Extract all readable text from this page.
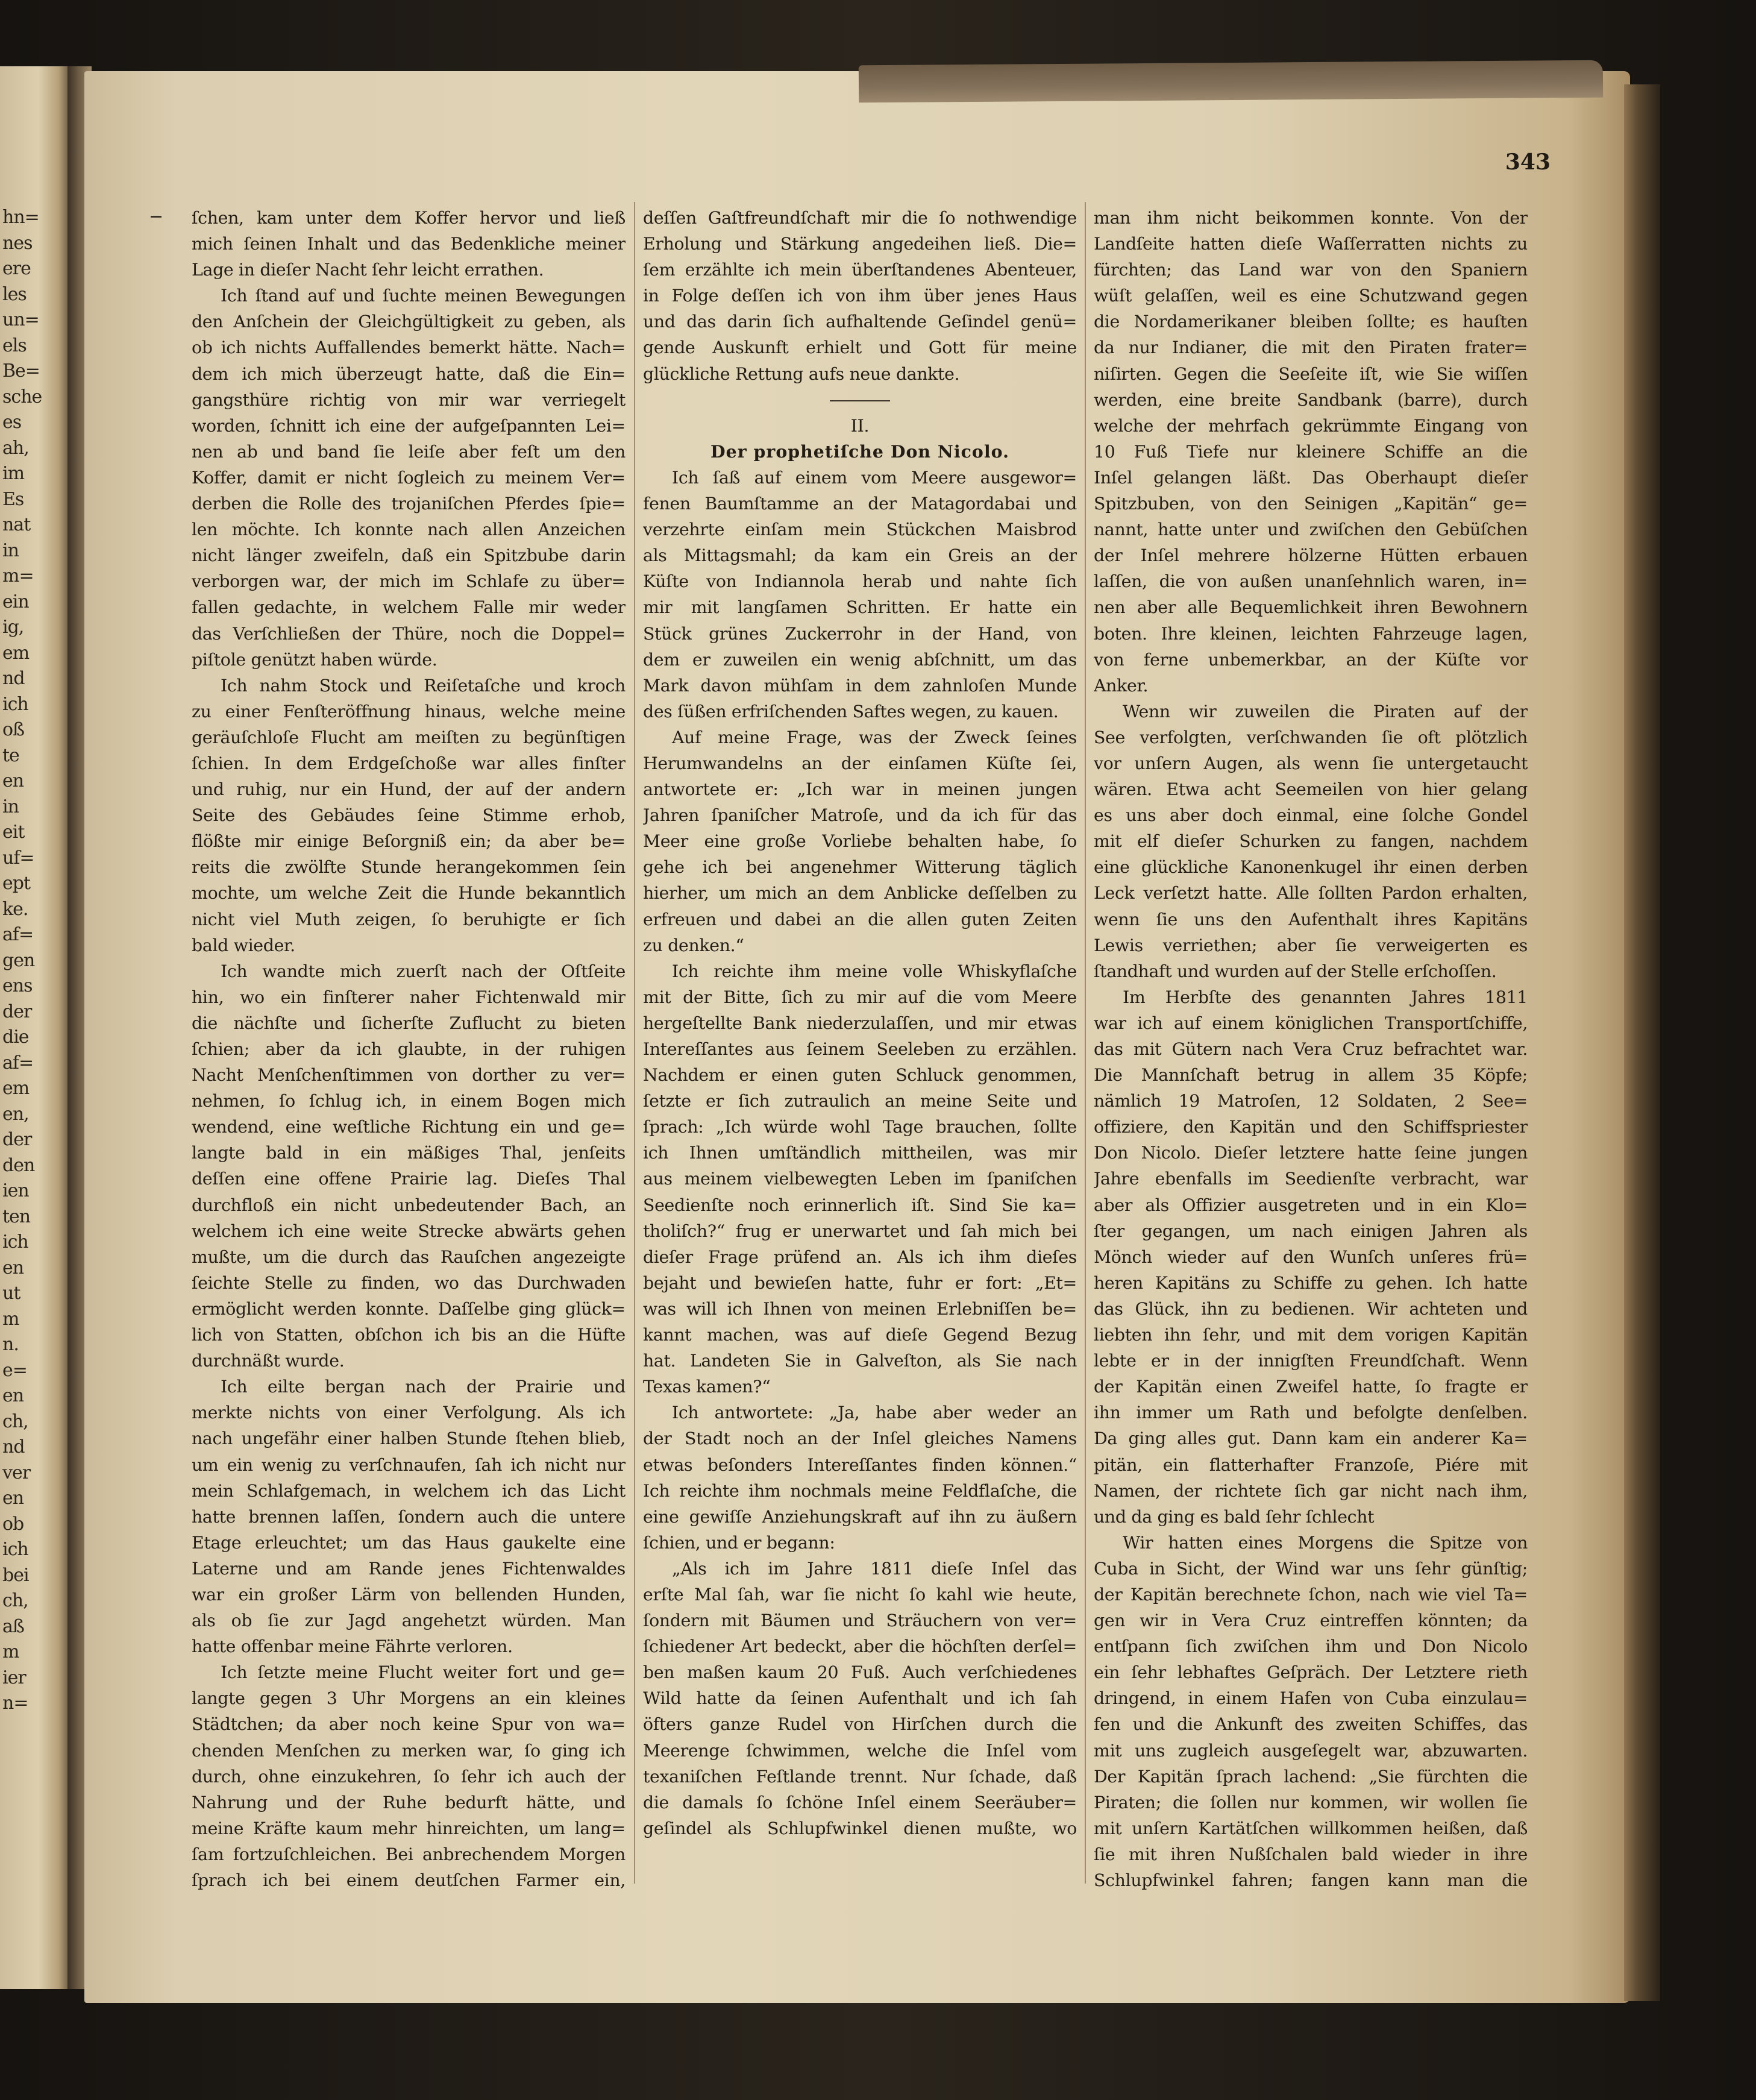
hn=
nes
ere
les
un=
els
Be=
sche
es
ah,
im
Es
nat
in
m=
ein
ig,
em
nd
ich
oß
te
en
in
eit
uf=
ept
ke.
af=
gen
ens
der
die
af=
em
en,
der
den
ien
ten
ich
en
ut
m
n.
e=
en
ch,
nd
ver
en
ob
ich
bei
ch,
aß
m
ier
n=
343
ſchen, kam unter dem Koffer hervor und ließ
mich ſeinen Inhalt und das Bedenkliche meiner
Lage in dieſer Nacht ſehr leicht errathen.
Ich ſtand auf und ſuchte meinen Bewegungen
den Anſchein der Gleichgültigkeit zu geben, als
ob ich nichts Auffallendes bemerkt hätte. Nach=
dem ich mich überzeugt hatte, daß die Ein=
gangsthüre richtig von mir war verriegelt
worden, ſchnitt ich eine der aufgeſpannten Lei=
nen ab und band ſie leiſe aber feſt um den
Koffer, damit er nicht ſogleich zu meinem Ver=
derben die Rolle des trojaniſchen Pferdes ſpie=
len möchte. Ich konnte nach allen Anzeichen
nicht länger zweifeln, daß ein Spitzbube darin
verborgen war, der mich im Schlafe zu über=
fallen gedachte, in welchem Falle mir weder
das Verſchließen der Thüre, noch die Doppel=
piſtole genützt haben würde.
Ich nahm Stock und Reiſetaſche und kroch
zu einer Fenſteröffnung hinaus, welche meine
geräuſchloſe Flucht am meiſten zu begünſtigen
ſchien. In dem Erdgeſchoße war alles finſter
und ruhig, nur ein Hund, der auf der andern
Seite des Gebäudes ſeine Stimme erhob,
flößte mir einige Beſorgniß ein; da aber be=
reits die zwölfte Stunde herangekommen ſein
mochte, um welche Zeit die Hunde bekanntlich
nicht viel Muth zeigen, ſo beruhigte er ſich
bald wieder.
Ich wandte mich zuerſt nach der Oſtſeite
hin, wo ein finſterer naher Fichtenwald mir
die nächſte und ſicherſte Zuflucht zu bieten
ſchien; aber da ich glaubte, in der ruhigen
Nacht Menſchenſtimmen von dorther zu ver=
nehmen, ſo ſchlug ich, in einem Bogen mich
wendend, eine weſtliche Richtung ein und ge=
langte bald in ein mäßiges Thal, jenſeits
deſſen eine offene Prairie lag. Dieſes Thal
durchfloß ein nicht unbedeutender Bach, an
welchem ich eine weite Strecke abwärts gehen
mußte, um die durch das Rauſchen angezeigte
ſeichte Stelle zu finden, wo das Durchwaden
ermöglicht werden konnte. Daſſelbe ging glück=
lich von Statten, obſchon ich bis an die Hüfte
durchnäßt wurde.
Ich eilte bergan nach der Prairie und
merkte nichts von einer Verfolgung. Als ich
nach ungefähr einer halben Stunde ſtehen blieb,
um ein wenig zu verſchnaufen, ſah ich nicht nur
mein Schlafgemach, in welchem ich das Licht
hatte brennen laſſen, ſondern auch die untere
Etage erleuchtet; um das Haus gaukelte eine
Laterne und am Rande jenes Fichtenwaldes
war ein großer Lärm von bellenden Hunden,
als ob ſie zur Jagd angehetzt würden. Man
hatte offenbar meine Fährte verloren.
Ich ſetzte meine Flucht weiter fort und ge=
langte gegen 3 Uhr Morgens an ein kleines
Städtchen; da aber noch keine Spur von wa=
chenden Menſchen zu merken war, ſo ging ich
durch, ohne einzukehren, ſo ſehr ich auch der
Nahrung und der Ruhe bedurft hätte, und
meine Kräfte kaum mehr hinreichten, um lang=
ſam fortzuſchleichen. Bei anbrechendem Morgen
ſprach ich bei einem deutſchen Farmer ein,
deſſen Gaſtfreundſchaft mir die ſo nothwendige
Erholung und Stärkung angedeihen ließ. Die=
ſem erzählte ich mein überſtandenes Abenteuer,
in Folge deſſen ich von ihm über jenes Haus
und das darin ſich aufhaltende Geſindel genü=
gende Auskunft erhielt und Gott für meine
glückliche Rettung aufs neue dankte.
II.
Der prophetiſche Don Nicolo.
Ich ſaß auf einem vom Meere ausgewor=
fenen Baumſtamme an der Matagordabai und
verzehrte einſam mein Stückchen Maisbrod
als Mittagsmahl; da kam ein Greis an der
Küſte von Indiannola herab und nahte ſich
mir mit langſamen Schritten. Er hatte ein
Stück grünes Zuckerrohr in der Hand, von
dem er zuweilen ein wenig abſchnitt, um das
Mark davon mühſam in dem zahnloſen Munde
des ſüßen erfriſchenden Saftes wegen, zu kauen.
Auf meine Frage, was der Zweck ſeines
Herumwandelns an der einſamen Küſte ſei,
antwortete er: „Ich war in meinen jungen
Jahren ſpaniſcher Matroſe, und da ich für das
Meer eine große Vorliebe behalten habe, ſo
gehe ich bei angenehmer Witterung täglich
hierher, um mich an dem Anblicke deſſelben zu
erfreuen und dabei an die allen guten Zeiten
zu denken.“
Ich reichte ihm meine volle Whiskyflaſche
mit der Bitte, ſich zu mir auf die vom Meere
hergeſtellte Bank niederzulaſſen, und mir etwas
Intereſſantes aus ſeinem Seeleben zu erzählen.
Nachdem er einen guten Schluck genommen,
ſetzte er ſich zutraulich an meine Seite und
ſprach: „Ich würde wohl Tage brauchen, ſollte
ich Ihnen umſtändlich mittheilen, was mir
aus meinem vielbewegten Leben im ſpaniſchen
Seedienſte noch erinnerlich iſt. Sind Sie ka=
tholiſch?“ frug er unerwartet und ſah mich bei
dieſer Frage prüfend an. Als ich ihm dieſes
bejaht und bewieſen hatte, fuhr er fort: „Et=
was will ich Ihnen von meinen Erlebniſſen be=
kannt machen, was auf dieſe Gegend Bezug
hat. Landeten Sie in Galveſton, als Sie nach
Texas kamen?“
Ich antwortete: „Ja, habe aber weder an
der Stadt noch an der Inſel gleiches Namens
etwas beſonders Intereſſantes finden können.“
Ich reichte ihm nochmals meine Feldflaſche, die
eine gewiſſe Anziehungskraft auf ihn zu äußern
ſchien, und er begann:
„Als ich im Jahre 1811 dieſe Inſel das
erſte Mal ſah, war ſie nicht ſo kahl wie heute,
ſondern mit Bäumen und Sträuchern von ver=
ſchiedener Art bedeckt, aber die höchſten derſel=
ben maßen kaum 20 Fuß. Auch verſchiedenes
Wild hatte da ſeinen Aufenthalt und ich ſah
öfters ganze Rudel von Hirſchen durch die
Meerenge ſchwimmen, welche die Inſel vom
texaniſchen Feſtlande trennt. Nur ſchade, daß
die damals ſo ſchöne Inſel einem Seeräuber=
geſindel als Schlupfwinkel dienen mußte, wo
man ihm nicht beikommen konnte. Von der
Landſeite hatten dieſe Waſſerratten nichts zu
fürchten; das Land war von den Spaniern
wüſt gelaſſen, weil es eine Schutzwand gegen
die Nordamerikaner bleiben ſollte; es hauſten
da nur Indianer, die mit den Piraten frater=
niſirten. Gegen die Seeſeite iſt, wie Sie wiſſen
werden, eine breite Sandbank (barre), durch
welche der mehrfach gekrümmte Eingang von
10 Fuß Tiefe nur kleinere Schiffe an die
Inſel gelangen läßt. Das Oberhaupt dieſer
Spitzbuben, von den Seinigen „Kapitän“ ge=
nannt, hatte unter und zwiſchen den Gebüſchen
der Inſel mehrere hölzerne Hütten erbauen
laſſen, die von außen unanſehnlich waren, in=
nen aber alle Bequemlichkeit ihren Bewohnern
boten. Ihre kleinen, leichten Fahrzeuge lagen,
von ferne unbemerkbar, an der Küſte vor
Anker.
Wenn wir zuweilen die Piraten auf der
See verfolgten, verſchwanden ſie oft plötzlich
vor unſern Augen, als wenn ſie untergetaucht
wären. Etwa acht Seemeilen von hier gelang
es uns aber doch einmal, eine ſolche Gondel
mit elf dieſer Schurken zu fangen, nachdem
eine glückliche Kanonenkugel ihr einen derben
Leck verſetzt hatte. Alle ſollten Pardon erhalten,
wenn ſie uns den Aufenthalt ihres Kapitäns
Lewis verriethen; aber ſie verweigerten es
ſtandhaft und wurden auf der Stelle erſchoſſen.
Im Herbſte des genannten Jahres 1811
war ich auf einem königlichen Transportſchiffe,
das mit Gütern nach Vera Cruz befrachtet war.
Die Mannſchaft betrug in allem 35 Köpfe;
nämlich 19 Matroſen, 12 Soldaten, 2 See=
offiziere, den Kapitän und den Schiffspriester
Don Nicolo. Dieſer letztere hatte ſeine jungen
Jahre ebenfalls im Seedienſte verbracht, war
aber als Offizier ausgetreten und in ein Klo=
ſter gegangen, um nach einigen Jahren als
Mönch wieder auf den Wunſch unſeres frü=
heren Kapitäns zu Schiffe zu gehen. Ich hatte
das Glück, ihn zu bedienen. Wir achteten und
liebten ihn ſehr, und mit dem vorigen Kapitän
lebte er in der innigſten Freundſchaft. Wenn
der Kapitän einen Zweifel hatte, ſo fragte er
ihn immer um Rath und befolgte denſelben.
Da ging alles gut. Dann kam ein anderer Ka=
pitän, ein flatterhafter Franzoſe, Piére mit
Namen, der richtete ſich gar nicht nach ihm,
und da ging es bald ſehr ſchlecht
Wir hatten eines Morgens die Spitze von
Cuba in Sicht, der Wind war uns ſehr günſtig;
der Kapitän berechnete ſchon, nach wie viel Ta=
gen wir in Vera Cruz eintreffen könnten; da
entſpann ſich zwiſchen ihm und Don Nicolo
ein ſehr lebhaftes Geſpräch. Der Letztere rieth
dringend, in einem Hafen von Cuba einzulau=
fen und die Ankunft des zweiten Schiffes, das
mit uns zugleich ausgeſegelt war, abzuwarten.
Der Kapitän ſprach lachend: „Sie fürchten die
Piraten; die ſollen nur kommen, wir wollen ſie
mit unſern Kartätſchen willkommen heißen, daß
ſie mit ihren Nußſchalen bald wieder in ihre
Schlupfwinkel fahren; fangen kann man die
